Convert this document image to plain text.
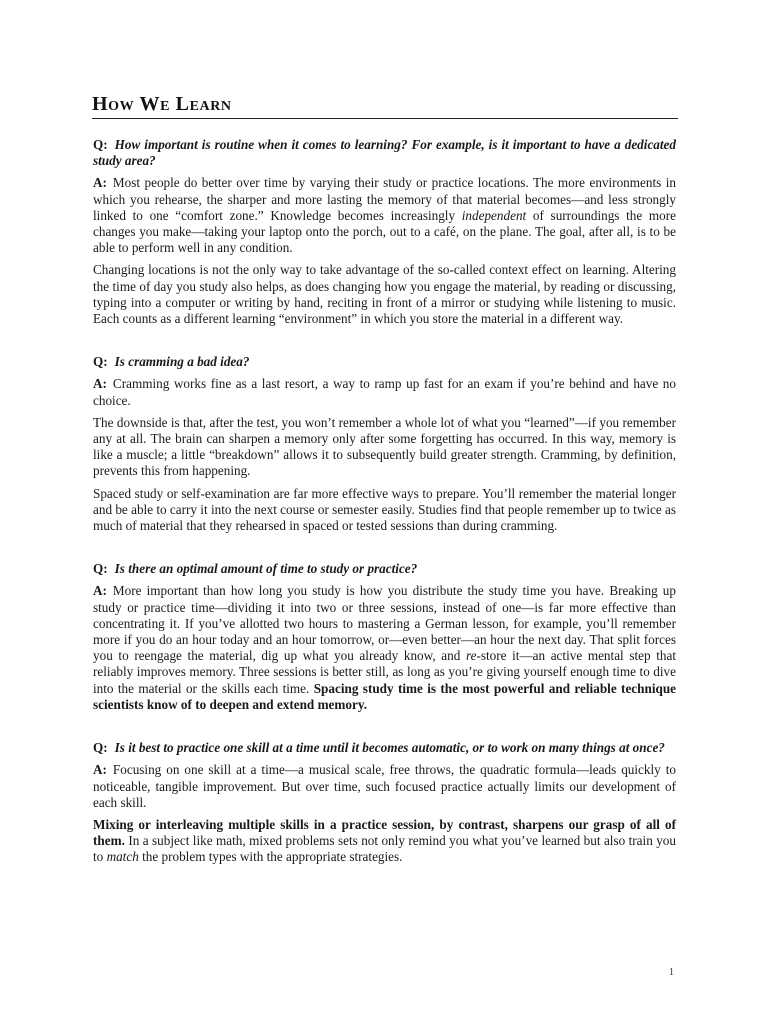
How We Learn

Q: How important is routine when it comes to learning? For example, is it important to have a dedicated study area?

A: Most people do better over time by varying their study or practice locations. The more environments in which you rehearse, the sharper and more lasting the memory of that material becomes—and less strongly linked to one “comfort zone.” Knowledge becomes increasingly independent of surroundings the more changes you make—taking your laptop onto the porch, out to a café, on the plane. The goal, after all, is to be able to perform well in any condition.

Changing locations is not the only way to take advantage of the so-called context effect on learning. Altering the time of day you study also helps, as does changing how you engage the material, by reading or discussing, typing into a computer or writing by hand, reciting in front of a mirror or studying while listening to music. Each counts as a different learning “environment” in which you store the material in a different way.

Q: Is cramming a bad idea?

A: Cramming works fine as a last resort, a way to ramp up fast for an exam if you’re behind and have no choice.

The downside is that, after the test, you won’t remember a whole lot of what you “learned”—if you remember any at all. The brain can sharpen a memory only after some forgetting has occurred. In this way, memory is like a muscle; a little “breakdown” allows it to subsequently build greater strength. Cramming, by definition, prevents this from happening.

Spaced study or self-examination are far more effective ways to prepare. You’ll remember the material longer and be able to carry it into the next course or semester easily. Studies find that people remember up to twice as much of material that they rehearsed in spaced or tested sessions than during cramming.

Q: Is there an optimal amount of time to study or practice?

A: More important than how long you study is how you distribute the study time you have. Breaking up study or practice time—dividing it into two or three sessions, instead of one—is far more effective than concentrating it. If you’ve allotted two hours to mastering a German lesson, for example, you’ll remember more if you do an hour today and an hour tomorrow, or—even better—an hour the next day. That split forces you to reengage the material, dig up what you already know, and re-store it—an active mental step that reliably improves memory. Three sessions is better still, as long as you’re giving yourself enough time to dive into the material or the skills each time. Spacing study time is the most powerful and reliable technique scientists know of to deepen and extend memory.

Q: Is it best to practice one skill at a time until it becomes automatic, or to work on many things at once?

A: Focusing on one skill at a time—a musical scale, free throws, the quadratic formula—leads quickly to noticeable, tangible improvement. But over time, such focused practice actually limits our development of each skill.

Mixing or interleaving multiple skills in a practice session, by contrast, sharpens our grasp of all of them. In a subject like math, mixed problems sets not only remind you what you’ve learned but also train you to match the problem types with the appropriate strategies.

1
